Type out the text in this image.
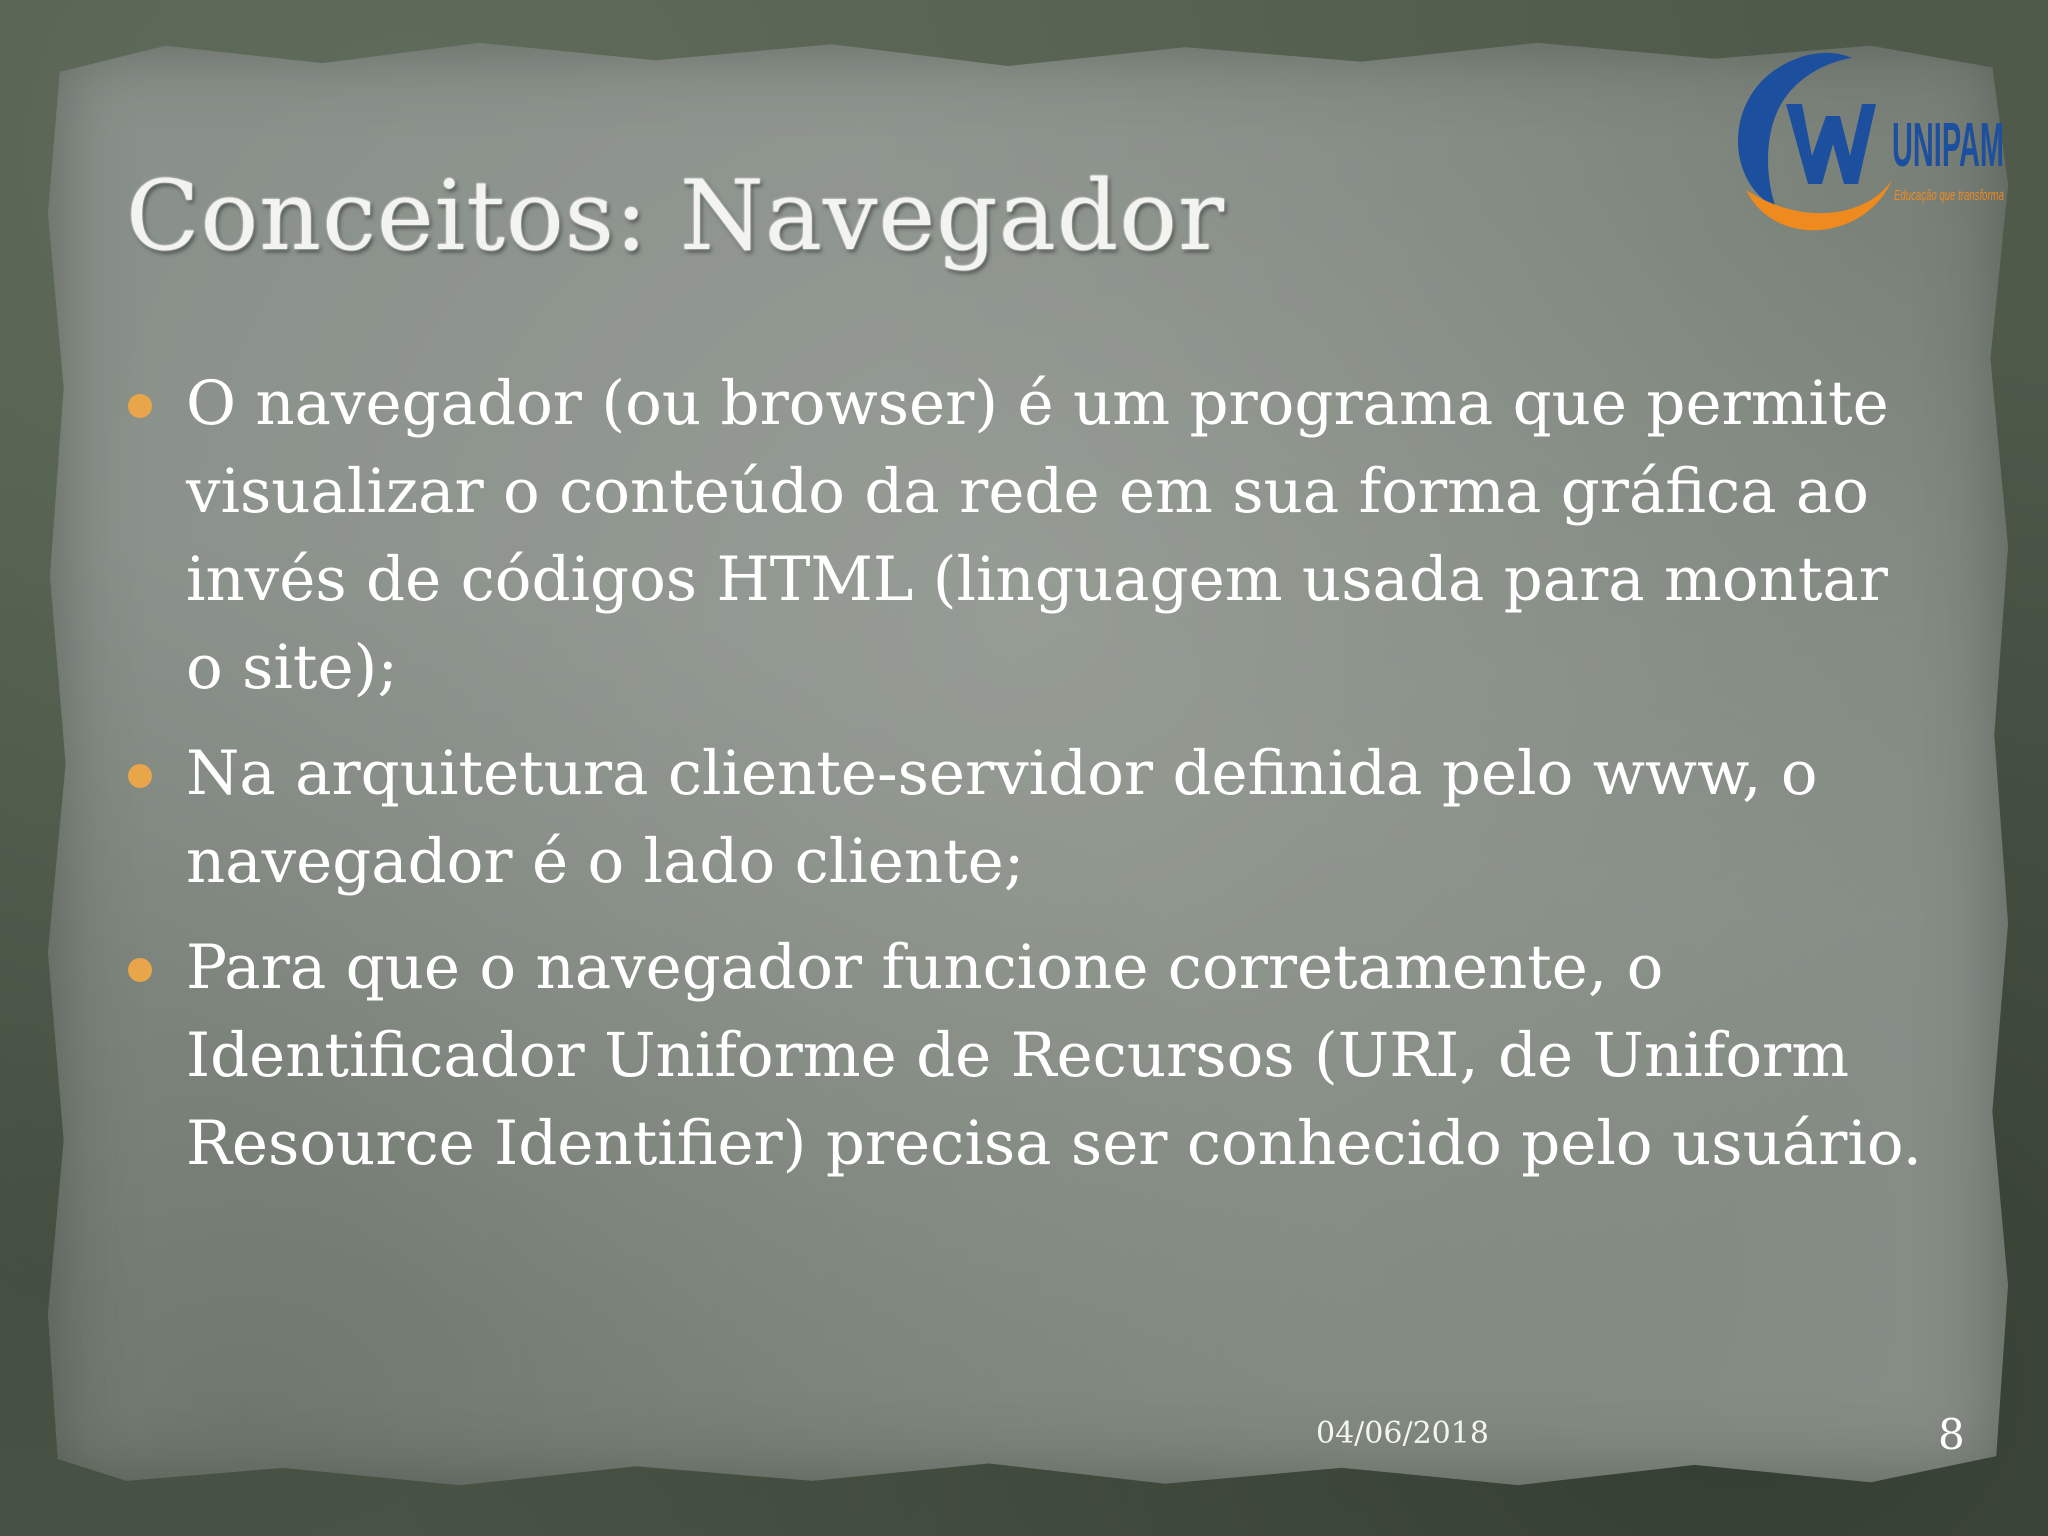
UNIPAM
Educação que transforma
Conceitos: Navegador
O navegador (ou browser) é um programa que permite visualizar o conteúdo da rede em sua forma gráfica ao invés de códigos HTML (linguagem usada para montar o site);
Na arquitetura cliente-servidor definida pelo www, o navegador é o lado cliente;
Para que o navegador funcione corretamente, o Identificador Uniforme de Recursos (URI, de Uniform Resource Identifier) precisa ser conhecido pelo usuário.
04/06/2018	8
